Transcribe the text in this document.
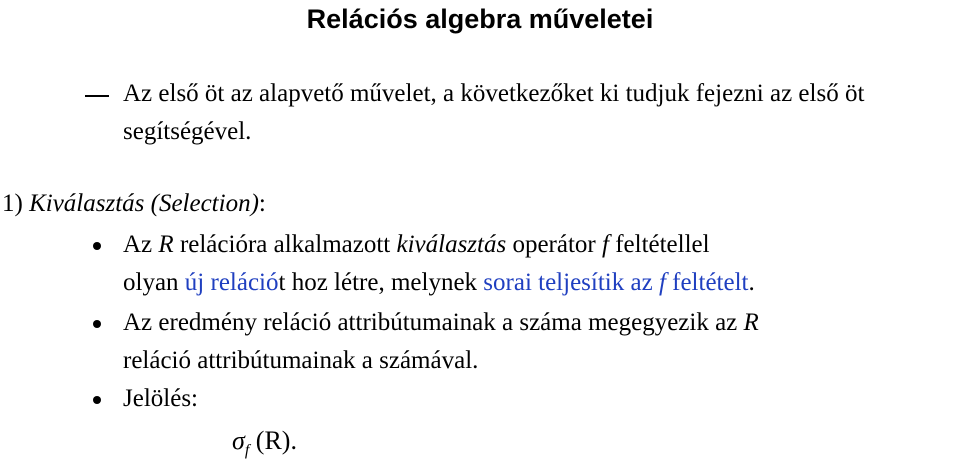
Relációs algebra műveletei
Az első öt az alapvető művelet, a következőket ki tudjuk fejezni az első öt segítségével.
1) Kiválasztás (Selection):
Az R relációra alkalmazott kiválasztás operátor f feltétellel
olyan új relációt hoz létre, melynek sorai teljesítik az f feltételt.
Az eredmény reláció attribútumainak a száma megegyezik az R
reláció attribútumainak a számával.
Jelölés:
$\sigma_f$ (R).
